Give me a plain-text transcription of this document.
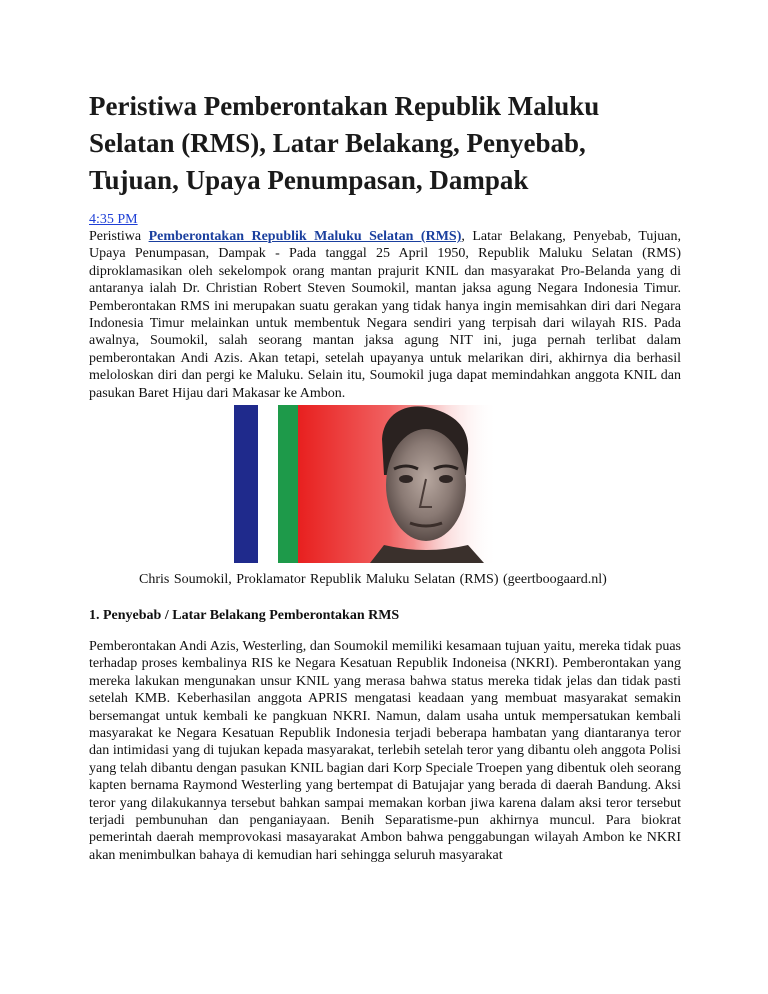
Peristiwa Pemberontakan Republik Maluku Selatan (RMS), Latar Belakang, Penyebab, Tujuan, Upaya Penumpasan, Dampak
4:35 PM

Peristiwa Pemberontakan Republik Maluku Selatan (RMS), Latar Belakang, Penyebab, Tujuan, Upaya Penumpasan, Dampak - Pada tanggal 25 April 1950, Republik Maluku Selatan (RMS) diproklamasikan oleh sekelompok orang mantan prajurit KNIL dan masyarakat Pro-Belanda yang di antaranya ialah Dr. Christian Robert Steven Soumokil, mantan jaksa agung Negara Indonesia Timur. Pemberontakan RMS ini merupakan suatu gerakan yang tidak hanya ingin memisahkan diri dari Negara Indonesia Timur melainkan untuk membentuk Negara sendiri yang terpisah dari wilayah RIS. Pada awalnya, Soumokil, salah seorang mantan jaksa agung NIT ini, juga pernah terlibat dalam pemberontakan Andi Azis. Akan tetapi, setelah upayanya untuk melarikan diri, akhirnya dia berhasil meloloskan diri dan pergi ke Maluku. Selain itu, Soumokil juga dapat memindahkan anggota KNIL dan pasukan Baret Hijau dari Makasar ke Ambon.

Chris Soumokil, Proklamator Republik Maluku Selatan (RMS) (geertboogaard.nl)
1. Penyebab / Latar Belakang Pemberontakan RMS

Pemberontakan Andi Azis, Westerling, dan Soumokil memiliki kesamaan tujuan yaitu, mereka tidak puas terhadap proses kembalinya RIS ke Negara Kesatuan Republik Indoneisa (NKRI). Pemberontakan yang mereka lakukan mengunakan unsur KNIL yang merasa bahwa status mereka tidak jelas dan tidak pasti setelah KMB. Keberhasilan anggota APRIS mengatasi keadaan yang membuat masyarakat semakin bersemangat untuk kembali ke pangkuan NKRI. Namun, dalam usaha untuk mempersatukan kembali masyarakat ke Negara Kesatuan Republik Indonesia terjadi beberapa hambatan yang diantaranya teror dan intimidasi yang di tujukan kepada masyarakat, terlebih setelah teror yang dibantu oleh anggota Polisi yang telah dibantu dengan pasukan KNIL bagian dari Korp Speciale Troepen yang dibentuk oleh seorang kapten bernama Raymond Westerling yang bertempat di Batujajar yang berada di daerah Bandung. Aksi teror yang dilakukannya tersebut bahkan sampai memakan korban jiwa karena dalam aksi teror tersebut terjadi pembunuhan dan penganiayaan. Benih Separatisme-pun akhirnya muncul. Para biokrat pemerintah daerah memprovokasi masayarakat Ambon bahwa penggabungan wilayah Ambon ke NKRI akan menimbulkan bahaya di kemudian hari sehingga seluruh masyarakat
